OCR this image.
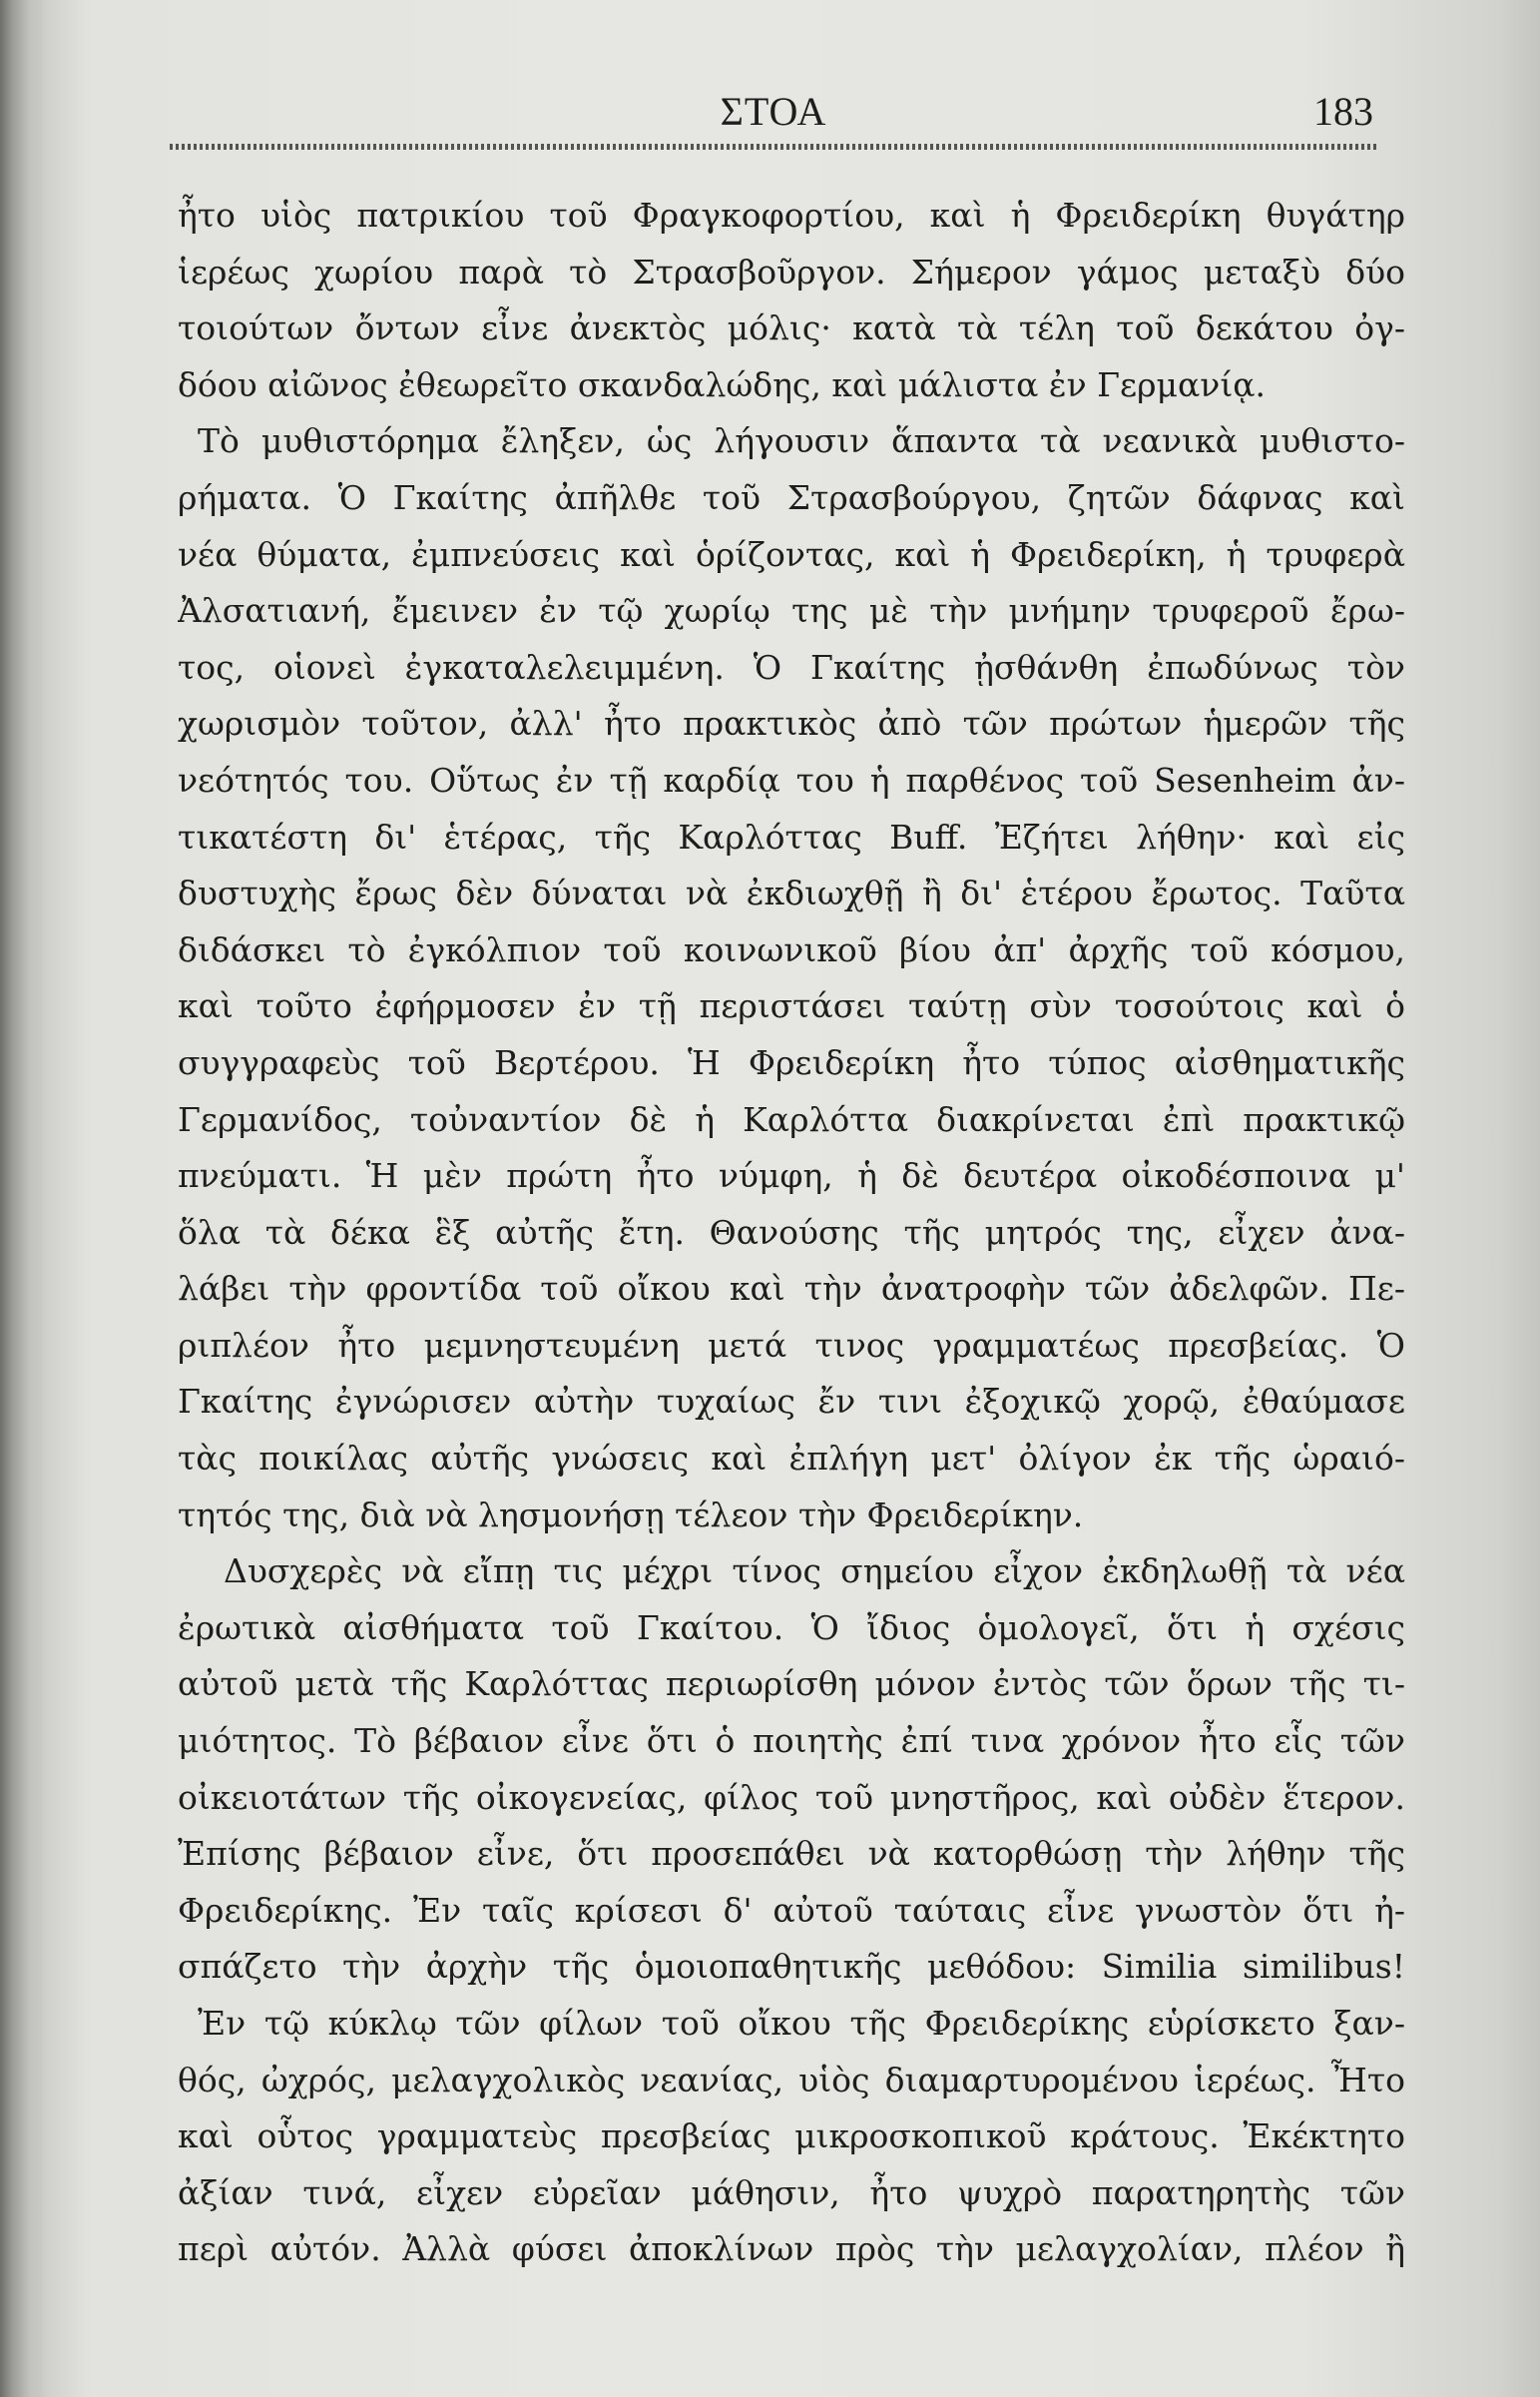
ΣΤΟΑ	183
ἦτο υἱὸς πατρικίου τοῦ Φραγκοφορτίου, καὶ ἡ Φρειδερίκη θυγάτηρ
ἱερέως χωρίου παρὰ τὸ Στρασβοῦργον. Σήμερον γάμος μεταξὺ δύο
τοιούτων ὄντων εἶνε ἀνεκτὸς μόλις· κατὰ τὰ τέλη τοῦ δεκάτου ὀγ-
δόου αἰῶνος ἐθεωρεῖτο σκανδαλώδης, καὶ μάλιστα ἐν Γερμανίᾳ.
Τὸ μυθιστόρημα ἔληξεν, ὡς λήγουσιν ἅπαντα τὰ νεανικὰ μυθιστο-
ρήματα. Ὁ Γκαίτης ἀπῆλθε τοῦ Στρασβούργου, ζητῶν δάφνας καὶ
νέα θύματα, ἐμπνεύσεις καὶ ὁρίζοντας, καὶ ἡ Φρειδερίκη, ἡ τρυφερὰ
Ἀλσατιανή, ἔμεινεν ἐν τῷ χωρίῳ της μὲ τὴν μνήμην τρυφεροῦ ἔρω-
τος, οἱονεὶ ἐγκαταλελειμμένη. Ὁ Γκαίτης ᾐσθάνθη ἐπωδύνως τὸν
χωρισμὸν τοῦτον, ἀλλ' ἦτο πρακτικὸς ἀπὸ τῶν πρώτων ἡμερῶν τῆς
νεότητός του. Οὕτως ἐν τῇ καρδίᾳ του ἡ παρθένος τοῦ Sesenheim ἀν-
τικατέστη δι' ἑτέρας, τῆς Καρλόττας Buff. Ἐζήτει λήθην· καὶ εἰς
δυστυχὴς ἔρως δὲν δύναται νὰ ἐκδιωχθῇ ἢ δι' ἑτέρου ἔρωτος. Ταῦτα
διδάσκει τὸ ἐγκόλπιον τοῦ κοινωνικοῦ βίου ἀπ' ἀρχῆς τοῦ κόσμου,
καὶ τοῦτο ἐφήρμοσεν ἐν τῇ περιστάσει ταύτῃ σὺν τοσούτοις καὶ ὁ
συγγραφεὺς τοῦ Βερτέρου. Ἡ Φρειδερίκη ἦτο τύπος αἰσθηματικῆς
Γερμανίδος, τοὐναντίον δὲ ἡ Καρλόττα διακρίνεται ἐπὶ πρακτικῷ
πνεύματι. Ἡ μὲν πρώτη ἦτο νύμφη, ἡ δὲ δευτέρα οἰκοδέσποινα μ'
ὅλα τὰ δέκα ἓξ αὐτῆς ἔτη. Θανούσης τῆς μητρός της, εἶχεν ἀνα-
λάβει τὴν φροντίδα τοῦ οἴκου καὶ τὴν ἀνατροφὴν τῶν ἀδελφῶν. Πε-
ριπλέον ἦτο μεμνηστευμένη μετά τινος γραμματέως πρεσβείας. Ὁ
Γκαίτης ἐγνώρισεν αὐτὴν τυχαίως ἔν τινι ἐξοχικῷ χορῷ, ἐθαύμασε
τὰς ποικίλας αὐτῆς γνώσεις καὶ ἐπλήγη μετ' ὀλίγον ἐκ τῆς ὡραιό-
τητός της, διὰ νὰ λησμονήσῃ τέλεον τὴν Φρειδερίκην.
Δυσχερὲς νὰ εἴπῃ τις μέχρι τίνος σημείου εἶχον ἐκδηλωθῇ τὰ νέα
ἐρωτικὰ αἰσθήματα τοῦ Γκαίτου. Ὁ ἴδιος ὁμολογεῖ, ὅτι ἡ σχέσις
αὐτοῦ μετὰ τῆς Καρλόττας περιωρίσθη μόνον ἐντὸς τῶν ὅρων τῆς τι-
μιότητος. Τὸ βέβαιον εἶνε ὅτι ὁ ποιητὴς ἐπί τινα χρόνον ἦτο εἷς τῶν
οἰκειοτάτων τῆς οἰκογενείας, φίλος τοῦ μνηστῆρος, καὶ οὐδὲν ἕτερον.
Ἐπίσης βέβαιον εἶνε, ὅτι προσεπάθει νὰ κατορθώσῃ τὴν λήθην τῆς
Φρειδερίκης. Ἐν ταῖς κρίσεσι δ' αὐτοῦ ταύταις εἶνε γνωστὸν ὅτι ἠ-
σπάζετο τὴν ἀρχὴν τῆς ὁμοιοπαθητικῆς μεθόδου: Similia similibus!
Ἐν τῷ κύκλῳ τῶν φίλων τοῦ οἴκου τῆς Φρειδερίκης εὑρίσκετο ξαν-
θός, ὠχρός, μελαγχολικὸς νεανίας, υἱὸς διαμαρτυρομένου ἱερέως. Ἦτο
καὶ οὗτος γραμματεὺς πρεσβείας μικροσκοπικοῦ κράτους. Ἐκέκτητο
ἀξίαν τινά, εἶχεν εὐρεῖαν μάθησιν, ἦτο ψυχρὸ παρατηρητὴς τῶν
περὶ αὐτόν. Ἀλλὰ φύσει ἀποκλίνων πρὸς τὴν μελαγχολίαν, πλέον ἢ
